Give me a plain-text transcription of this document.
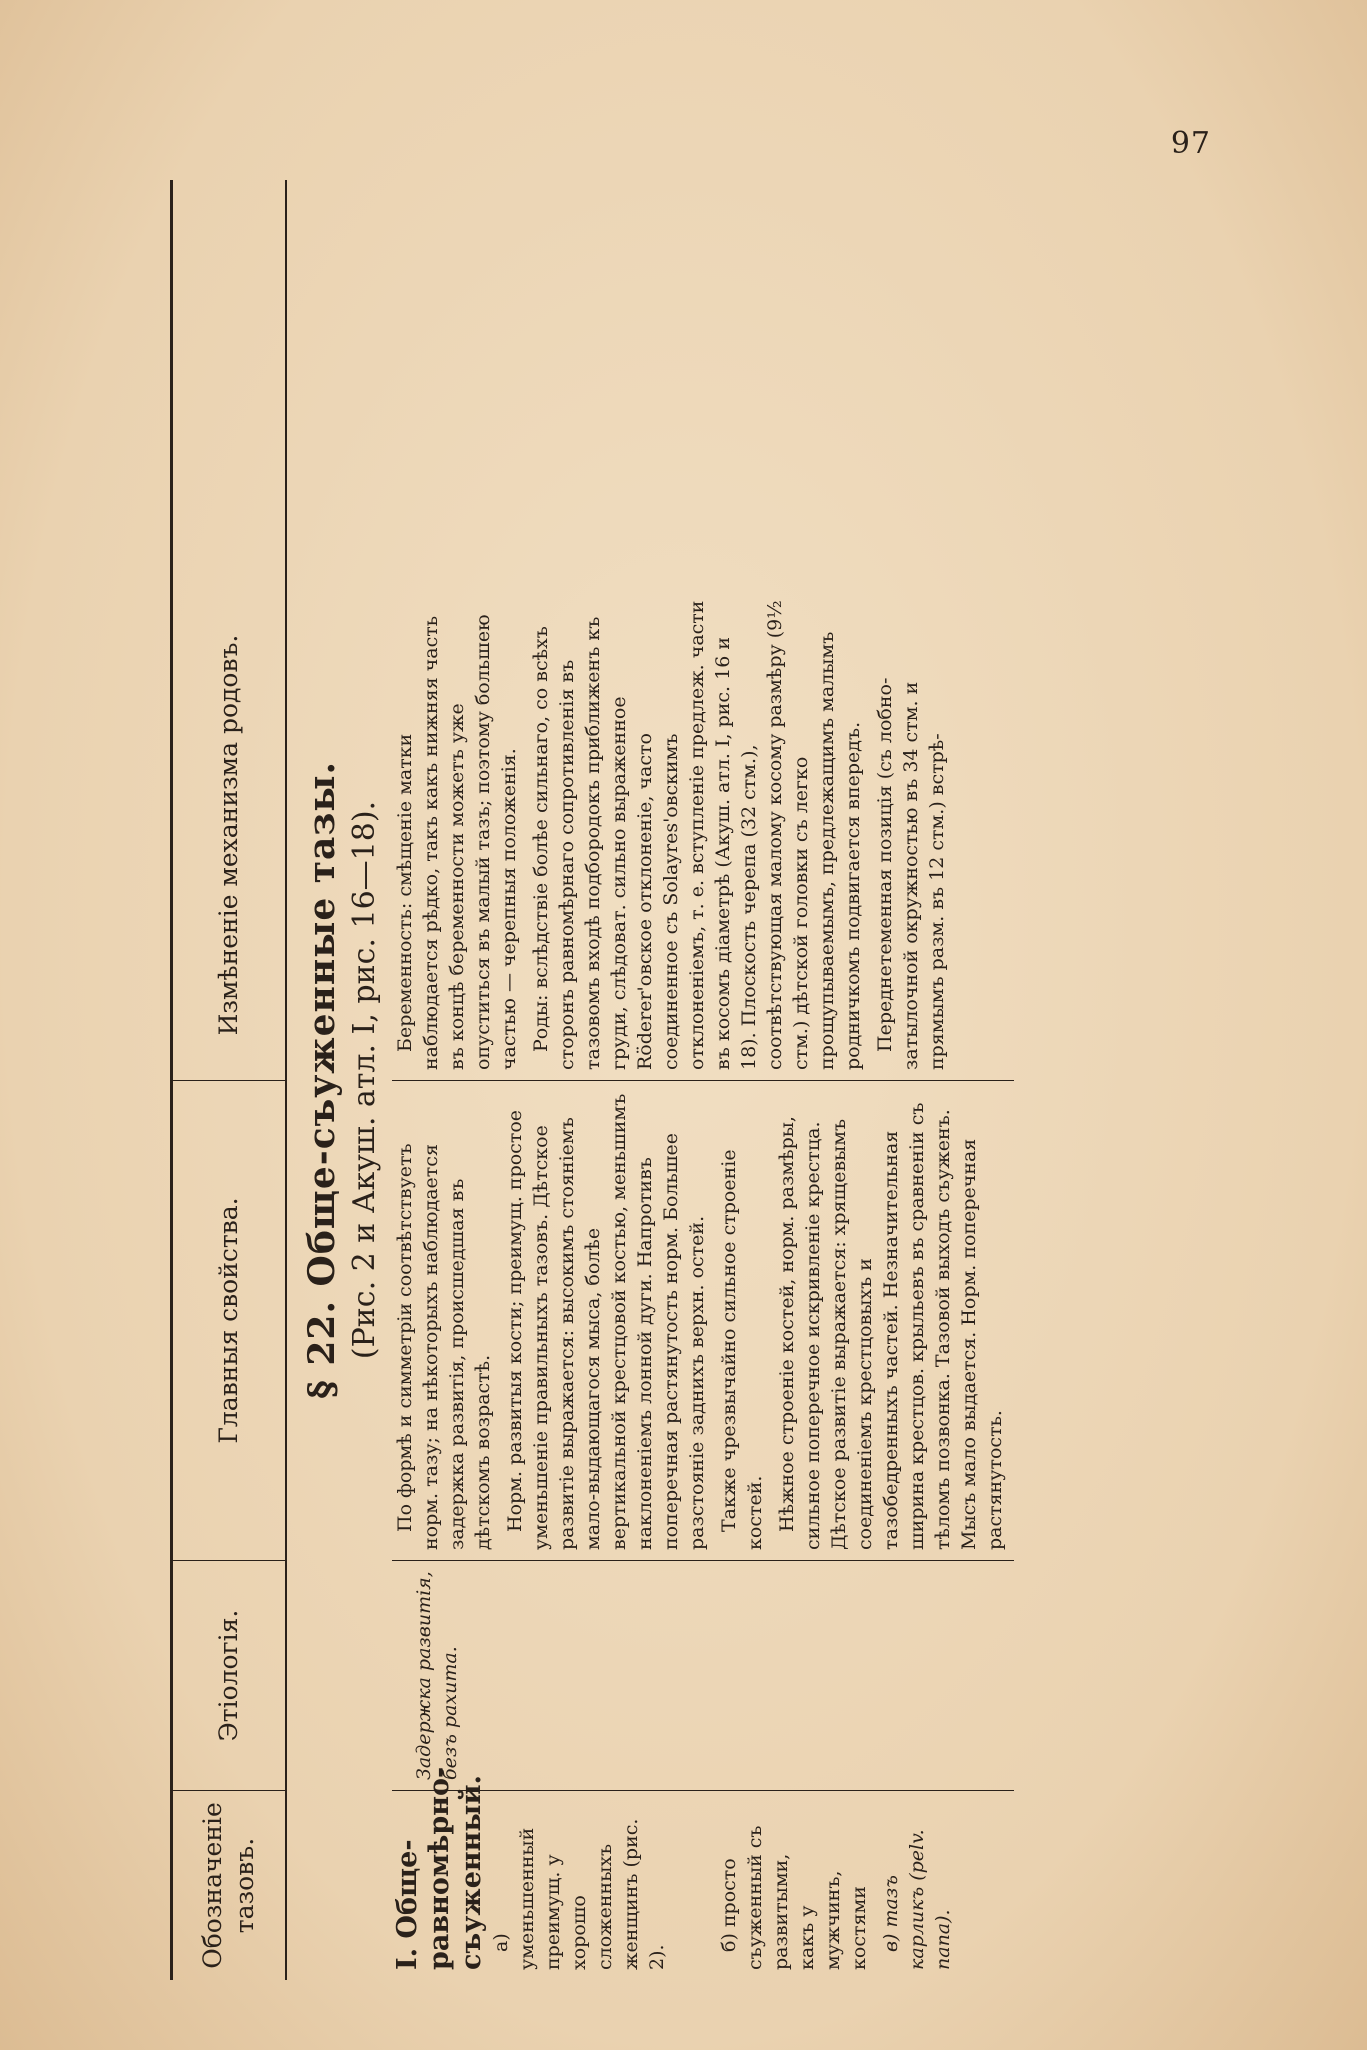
97
Обозначеніе тазовъ.
Этіологія.
Главныя свойства.
Измѣненіе механизма родовъ.	§ 22. Обще-съуженные тазы. (Рис. 2 и Акуш. атл. I, рис. 16—18).
I. Обще-равномѣрно-съуженный. а) уменьшенный преимущ. у хорошо сложенныхъ женщинъ (рис. 2).

б) просто съуженный съ развитыми, какъ у мужчинъ, костями в) тазъ карликъ (pelv. nana).

Задержка развитія, безъ рахита.

По формѣ и симметріи соотвѣтствуетъ норм. тазу; на нѣкоторыхъ наблюдается задержка развитія, происшедшая въ дѣтскомъ возрастѣ. Норм. развитыя кости; преимущ. простое уменьшеніе правильныхъ тазовъ. Дѣтское развитіе выражается: высокимъ стояніемъ мало-выдающагося мыса, болѣе вертикальной крестцовой костью, меньшимъ наклоненіемъ лонной дуги. Напротивъ поперечная растянутость норм. Большее разстояніе заднихъ верхн. остей. Также чрезвычайно сильное строеніе костей. Нѣжное строеніе костей, норм. размѣры, сильное поперечное искривленіе крестца. Дѣтское развитіе выражается: хрящевымъ соединеніемъ крестцовыхъ и тазобедренныхъ частей. Незначительная ширина крестцов. крыльевъ въ сравненіи съ тѣломъ позвонка. Тазовой выходъ съуженъ. Мысъ мало выдается. Норм. поперечная растянутость.

Беременность: смѣщеніе матки наблюдается рѣдко, такъ какъ нижняя часть въ концѣ беременности можетъ уже опуститься въ малый тазъ; поэтому большею частью — черепныя положенія. Роды: вслѣдствіе болѣе сильнаго, со всѣхъ сторонъ равномѣрнаго сопротивленія въ тазовомъ входѣ подбородокъ приближенъ къ груди, слѣдоват. сильно выраженное Röderer'овское отклоненіе, часто соединенное съ Solayres'овскимъ отклоненіемъ, т. е. вступленіе предлеж. части въ косомъ діаметрѣ (Акуш. атл. I, рис. 16 и 18). Плоскость черепа (32 стм.), соотвѣтствующая малому косому размѣру (9½ стм.) дѣтской головки съ легко прощупываемымъ, предлежащимъ малымъ родничкомъ подвигается впередъ. Переднетеменная позиція (съ лобно-затылочной окружностью въ 34 стм. и прямымъ разм. въ 12 стм.) встрѣ-
